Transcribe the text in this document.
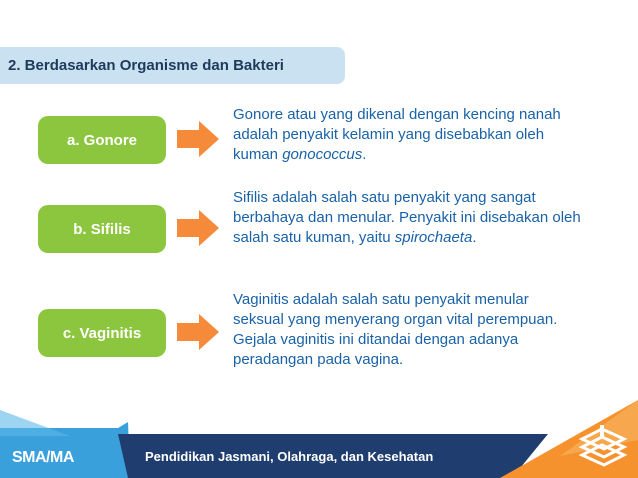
2. Berdasarkan Organisme dan Bakteri
a. Gonore
Gonore atau yang dikenal dengan kencing nanah adalah penyakit kelamin yang disebabkan oleh kuman gonococcus.
b. Sifilis
Sifilis adalah salah satu penyakit yang sangat berbahaya dan menular. Penyakit ini disebakan oleh salah satu kuman, yaitu spirochaeta.
c. Vaginitis
Vaginitis adalah salah satu penyakit menular seksual yang menyerang organ vital perempuan. Gejala vaginitis ini ditandai dengan adanya peradangan pada vagina.
SMA/MA	Pendidikan Jasmani, Olahraga, dan Kesehatan
